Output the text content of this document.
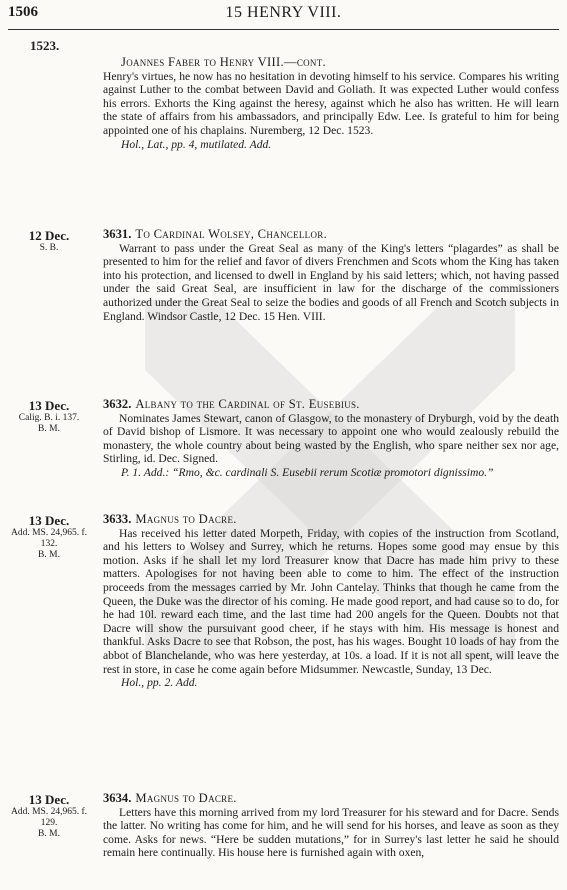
1506	15 HENRY VIII.
1523.
Joannes Faber to Henry VIII.—cont.

Henry's virtues, he now has no hesitation in devoting himself to his service. Compares his writing against Luther to the combat between David and Goliath. It was expected Luther would confess his errors. Exhorts the King against the heresy, against which he also has written. He will learn the state of affairs from his ambassadors, and principally Edw. Lee. Is grateful to him for being appointed one of his chaplains. Nuremberg, 12 Dec. 1523.

Hol., Lat., pp. 4, mutilated. Add.

12 Dec.
S. B.
3631. To Cardinal Wolsey, Chancellor.

Warrant to pass under the Great Seal as many of the King's letters “plagardes” as shall be presented to him for the relief and favor of divers Frenchmen and Scots whom the King has taken into his protection, and licensed to dwell in England by his said letters; which, not having passed under the said Great Seal, are insufficient in law for the discharge of the commissioners authorized under the Great Seal to seize the bodies and goods of all French and Scotch subjects in England. Windsor Castle, 12 Dec. 15 Hen. VIII.

13 Dec.
Calig. B. i. 137.
B. M.
3632. Albany to the Cardinal of St. Eusebius.

Nominates James Stewart, canon of Glasgow, to the monastery of Dryburgh, void by the death of David bishop of Lismore. It was necessary to appoint one who would zealously rebuild the monastery, the whole country about being wasted by the English, who spare neither sex nor age, Stirling, id. Dec. Signed.

P. 1. Add.: “Rmo, &c. cardinali S. Eusebii rerum Scotiæ promotori dignissimo.”

13 Dec.
Add. MS. 24,965. f. 132.
B. M.
3633. Magnus to Dacre.

Has received his letter dated Morpeth, Friday, with copies of the instruction from Scotland, and his letters to Wolsey and Surrey, which he returns. Hopes some good may ensue by this motion. Asks if he shall let my lord Treasurer know that Dacre has made him privy to these matters. Apologises for not having been able to come to him. The effect of the instruction proceeds from the messages carried by Mr. John Cantelay. Thinks that though he came from the Queen, the Duke was the director of his coming. He made good report, and had cause so to do, for he had 10l. reward each time, and the last time had 200 angels for the Queen. Doubts not that Dacre will show the pursuivant good cheer, if he stays with him. His message is honest and thankful. Asks Dacre to see that Robson, the post, has his wages. Bought 10 loads of hay from the abbot of Blanchelande, who was here yesterday, at 10s. a load. If it is not all spent, will leave the rest in store, in case he come again before Midsummer. Newcastle, Sunday, 13 Dec.

Hol., pp. 2. Add.

13 Dec.
Add. MS. 24,965. f. 129.
B. M.
3634. Magnus to Dacre.

Letters have this morning arrived from my lord Treasurer for his steward and for Dacre. Sends the latter. No writing has come for him, and he will send for his horses, and leave as soon as they come. Asks for news. “Here be sudden mutations,” for in Surrey's last letter he said he should remain here continually. His house here is furnished again with oxen,
